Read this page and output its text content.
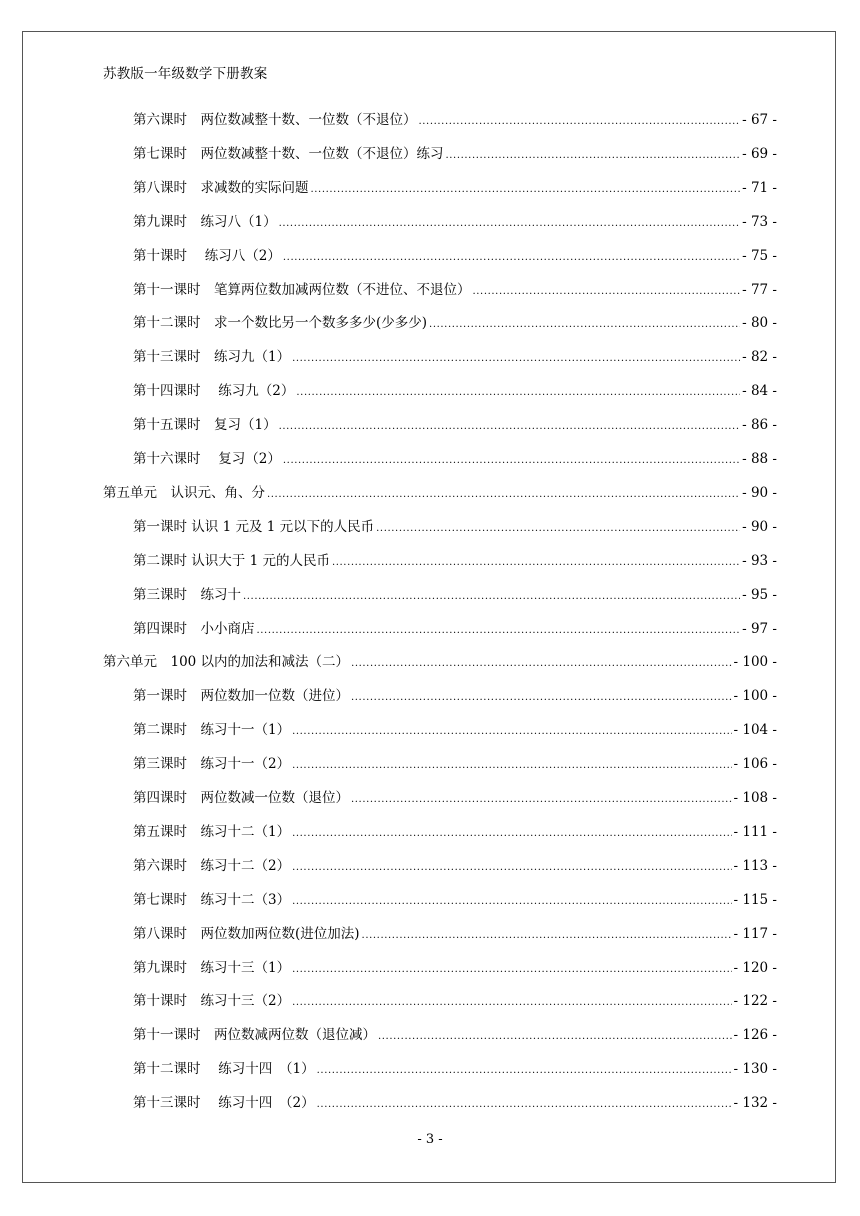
苏教版一年级数学下册教案
第六课时　两位数减整十数、一位数（不退位） .....	- 67 -
第七课时　两位数减整十数、一位数（不退位）练习 .....	- 69 -
第八课时　求减数的实际问题 .....	- 71 -
第九课时　练习八（1） .....	- 73 -
第十课时　 练习八（2） .....	- 75 -
第十一课时　笔算两位数加减两位数（不进位、不退位） .....	- 77 -
第十二课时　求一个数比另一个数多多少(少多少) .....	- 80 -
第十三课时　练习九（1） .....	- 82 -
第十四课时　 练习九（2） .....	- 84 -
第十五课时　复习（1） .....	- 86 -
第十六课时　 复习（2） .....	- 88 -
第五单元　认识元、角、分 .....	- 90 -
第一课时 认识 1 元及 1 元以下的人民币 .....	- 90 -
第二课时 认识大于 1 元的人民币 .....	- 93 -
第三课时　练习十 .....	- 95 -
第四课时　小小商店 .....	- 97 -
第六单元　100 以内的加法和减法（二） .....	- 100 -
第一课时　两位数加一位数（进位） .....	- 100 -
第二课时　练习十一（1） .....	- 104 -
第三课时　练习十一（2） .....	- 106 -
第四课时　两位数减一位数（退位） .....	- 108 -
第五课时　练习十二（1） .....	- 111 -
第六课时　练习十二（2） .....	- 113 -
第七课时　练习十二（3） .....	- 115 -
第八课时　两位数加两位数(进位加法) .....	- 117 -
第九课时　练习十三（1） .....	- 120 -
第十课时　练习十三（2） .....	- 122 -
第十一课时　两位数减两位数（退位减） .....	- 126 -
第十二课时　 练习十四　（1） .....	- 130 -
第十三课时　 练习十四　（2） .....	- 132 -
- 3 -
